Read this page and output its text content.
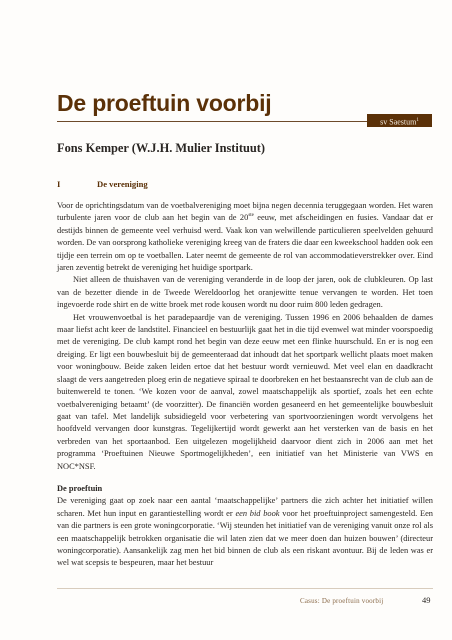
De proeftuin voorbij
sv Saestum$^1$
Fons Kemper (W.J.H. Mulier Instituut)
I	De vereniging

Voor de oprichtingsdatum van de voetbalvereniging moet bijna negen decennia teruggegaan worden. Het waren turbulente jaren voor de club aan het begin van de 20ste eeuw, met afscheidingen en fusies. Vandaar dat er destijds binnen de gemeente veel verhuisd werd. Vaak kon van welwillende particulieren speelvelden gehuurd worden. De van oorsprong katholieke vereniging kreeg van de fraters die daar een kweekschool hadden ook een tijdje een terrein om op te voetballen. Later neemt de gemeente de rol van accommodatieverstrekker over. Eind jaren zeventig betrekt de vereniging het huidige sportpark.

Niet alleen de thuishaven van de vereniging veranderde in de loop der jaren, ook de clubkleuren. Op last van de bezetter diende in de Tweede Wereldoorlog het oranjewitte tenue vervangen te worden. Het toen ingevoerde rode shirt en de witte broek met rode kousen wordt nu door ruim 800 leden gedragen.

Het vrouwenvoetbal is het paradepaardje van de vereniging. Tussen 1996 en 2006 behaalden de dames maar liefst acht keer de landstitel. Financieel en bestuurlijk gaat het in die tijd evenwel wat minder voorspoedig met de vereniging. De club kampt rond het begin van deze eeuw met een flinke huurschuld. En er is nog een dreiging. Er ligt een bouwbesluit bij de gemeenteraad dat inhoudt dat het sportpark wellicht plaats moet maken voor woningbouw. Beide zaken leiden ertoe dat het bestuur wordt vernieuwd. Met veel elan en daadkracht slaagt de vers aangetreden ploeg erin de negatieve spiraal te doorbreken en het bestaansrecht van de club aan de buitenwereld te tonen. ‘We kozen voor de aanval, zowel maatschappelijk als sportief, zoals het een echte voetbalvereniging betaamt’ (de voorzitter). De financiën worden gesaneerd en het gemeentelijke bouwbesluit gaat van tafel. Met landelijk subsidiegeld voor verbetering van sportvoorzieningen wordt vervolgens het hoofdveld vervangen door kunstgras. Tegelijkertijd wordt gewerkt aan het versterken van de basis en het verbreden van het sportaanbod. Een uitgelezen mogelijkheid daarvoor dient zich in 2006 aan met het programma ‘Proeftuinen Nieuwe Sportmogelijkheden’, een initiatief van het Ministerie van VWS en NOC*NSF.

De proeftuin

De vereniging gaat op zoek naar een aantal ‘maatschappelijke’ partners die zich achter het initiatief willen scharen. Met hun input en garantiestelling wordt er een bid book voor het proeftuinproject samengesteld. Een van die partners is een grote woningcorporatie. ‘Wij steunden het initiatief van de vereniging vanuit onze rol als een maatschappelijk betrokken organisatie die wil laten zien dat we meer doen dan huizen bouwen’ (directeur woningcorporatie). Aansankelijk zag men het bid binnen de club als een riskant avontuur. Bij de leden was er wel wat scepsis te bespeuren, maar het bestuur

Casus: De proeftuin voorbij	49
